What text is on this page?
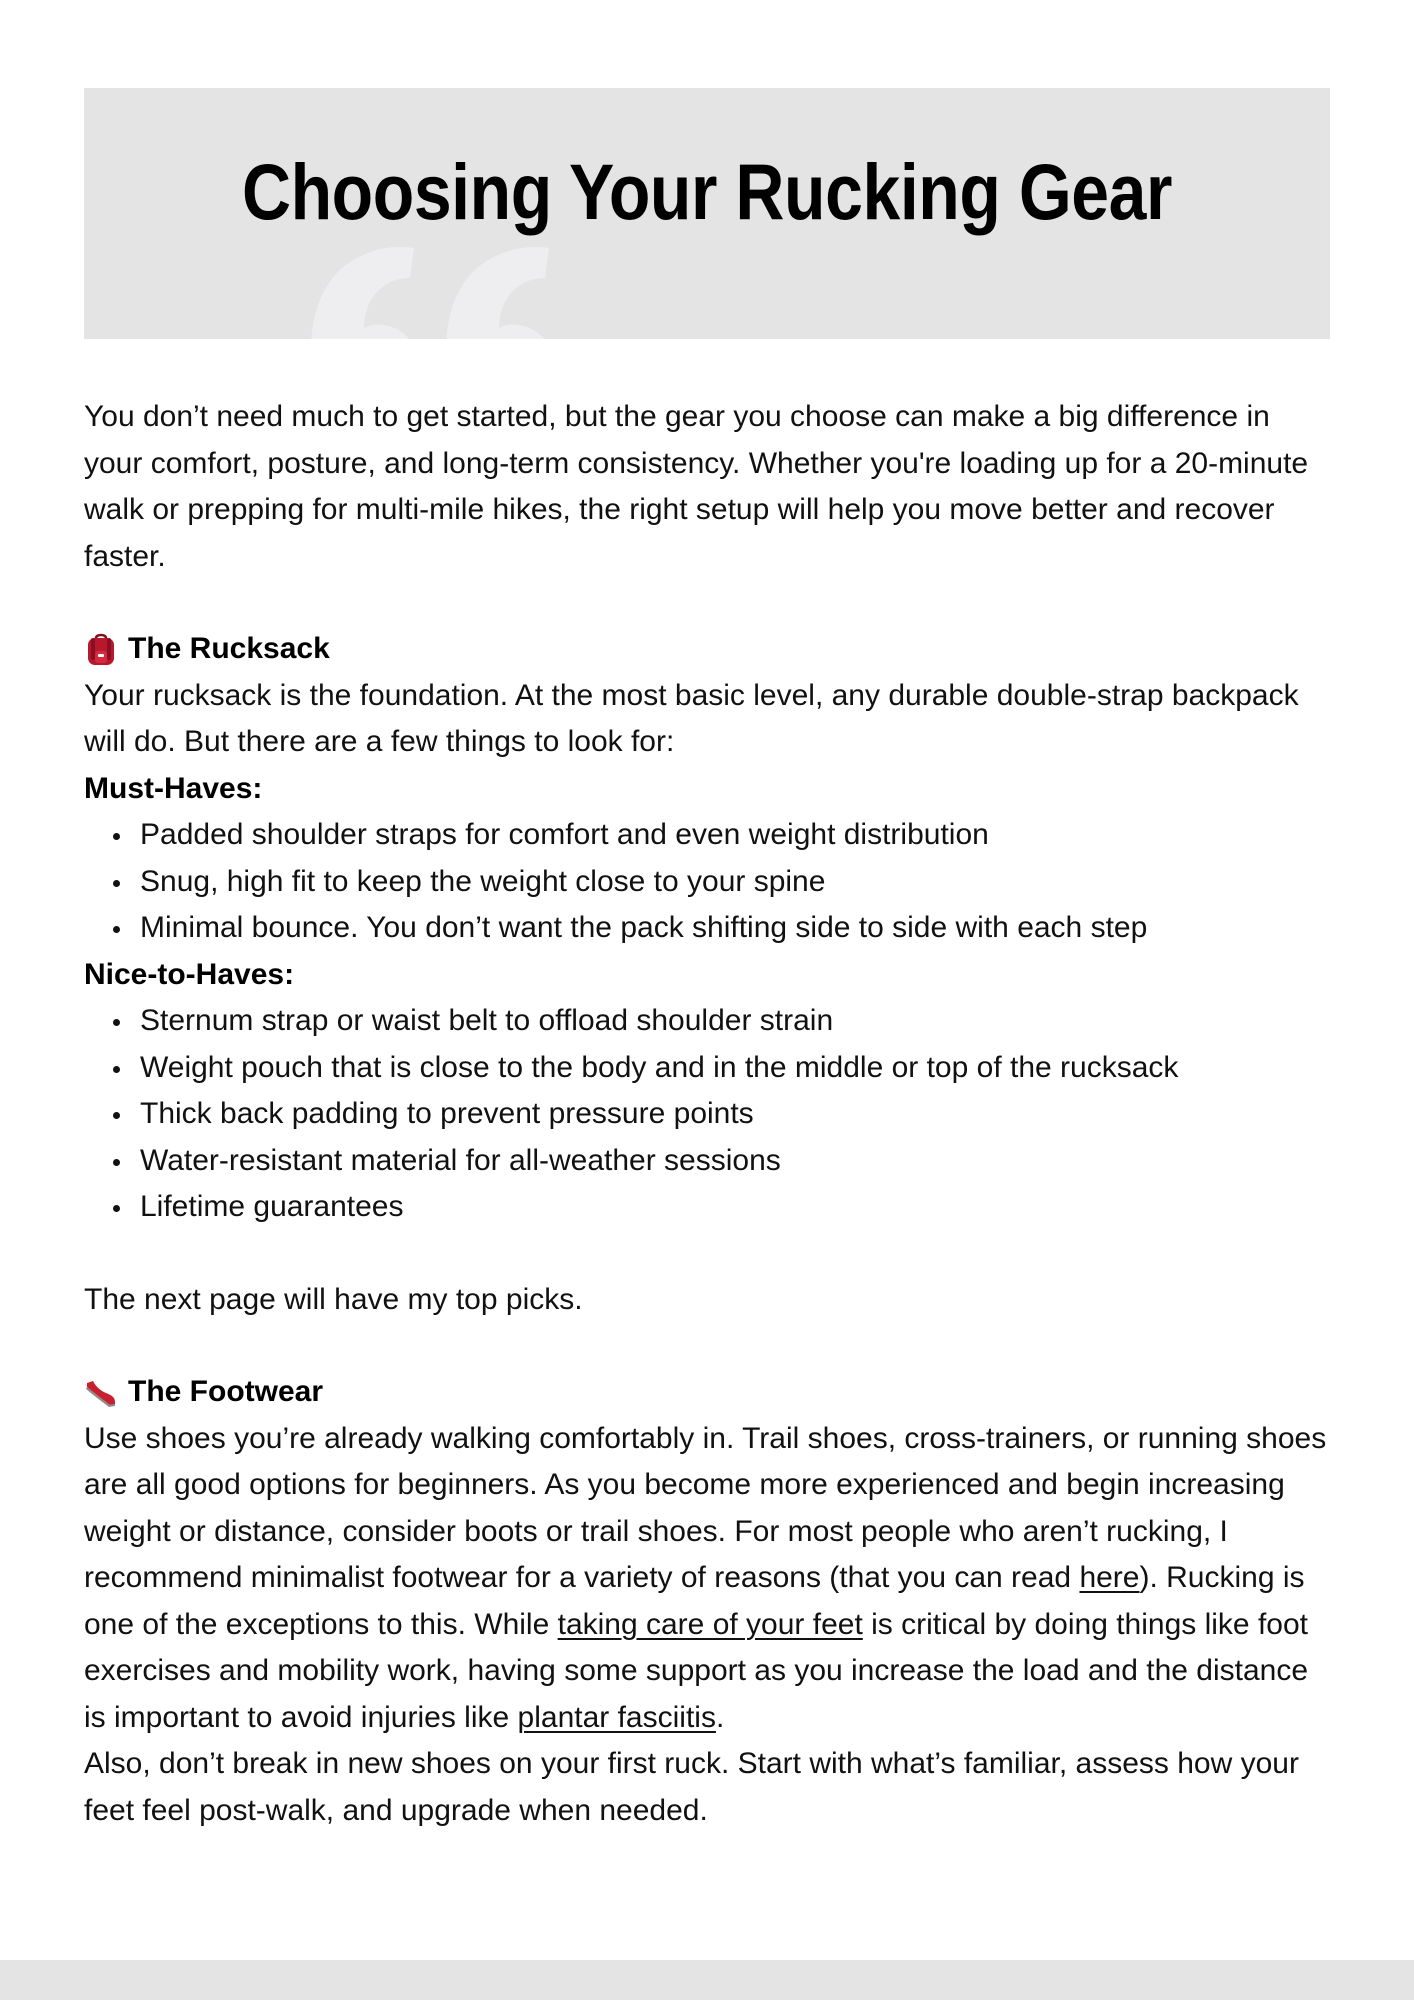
Choosing Your Rucking Gear

You don’t need much to get started, but the gear you choose can make a big difference in your comfort, posture, and long-term consistency. Whether you're loading up for a 20-minute walk or prepping for multi-mile hikes, the right setup will help you move better and recover faster.

The Rucksack

Your rucksack is the foundation. At the most basic level, any durable double-strap backpack will do. But there are a few things to look for:

Must-Haves:

Padded shoulder straps for comfort and even weight distribution
Snug, high fit to keep the weight close to your spine
Minimal bounce. You don’t want the pack shifting side to side with each step

Nice-to-Haves:

Sternum strap or waist belt to offload shoulder strain
Weight pouch that is close to the body and in the middle or top of the rucksack
Thick back padding to prevent pressure points
Water-resistant material for all-weather sessions
Lifetime guarantees

The next page will have my top picks.

The Footwear

Use shoes you’re already walking comfortably in. Trail shoes, cross-trainers, or running shoes are all good options for beginners. As you become more experienced and begin increasing weight or distance, consider boots or trail shoes. For most people who aren’t rucking, I recommend minimalist footwear for a variety of reasons (that you can read here). Rucking is one of the exceptions to this. While taking care of your feet is critical by doing things like foot exercises and mobility work, having some support as you increase the load and the distance is important to avoid injuries like plantar fasciitis.

Also, don’t break in new shoes on your first ruck. Start with what’s familiar, assess how your feet feel post-walk, and upgrade when needed.
